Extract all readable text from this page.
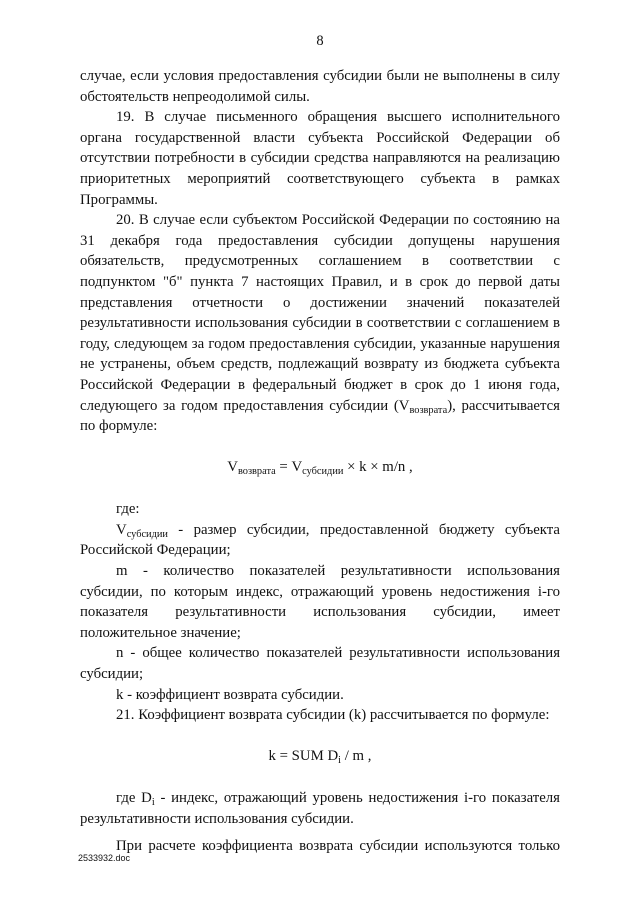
8

случае, если условия предоставления субсидии были не выполнены в силу

обстоятельств непреодолимой силы.

19. В случае письменного обращения высшего исполнительного

органа государственной власти субъекта Российской Федерации об

отсутствии потребности в субсидии средства направляются на реализацию

приоритетных мероприятий соответствующего субъекта в рамках

Программы.

20. В случае если субъектом Российской Федерации по состоянию на

31 декабря года предоставления субсидии допущены нарушения

обязательств, предусмотренных соглашением в соответствии с

подпунктом "б" пункта 7 настоящих Правил, и в срок до первой даты

представления отчетности о достижении значений показателей

результативности использования субсидии в соответствии с соглашением в

году, следующем за годом предоставления субсидии, указанные нарушения

не устранены, объем средств, подлежащий возврату из бюджета субъекта

Российской Федерации в федеральный бюджет в срок до 1 июня года,

следующего за годом предоставления субсидии $(V_{возврата})$, рассчитывается

по формуле:

$V_{возврата} = V_{субсидии} \times k \times m/n$ ,

где:

$V_{субсидии}$ - размер субсидии, предоставленной бюджету субъекта

Российской Федерации;

m - количество показателей результативности использования

субсидии, по которым индекс, отражающий уровень недостижения i-го

показателя результативности использования субсидии, имеет

положительное значение;

n - общее количество показателей результативности использования

субсидии;

k - коэффициент возврата субсидии.

21. Коэффициент возврата субсидии (k) рассчитывается по формуле:

k = SUM $D_i$ / m ,

где $D_i$ - индекс, отражающий уровень недостижения i-го показателя

результативности использования субсидии.

При расчете коэффициента возврата субсидии используются только

2533932.doc
